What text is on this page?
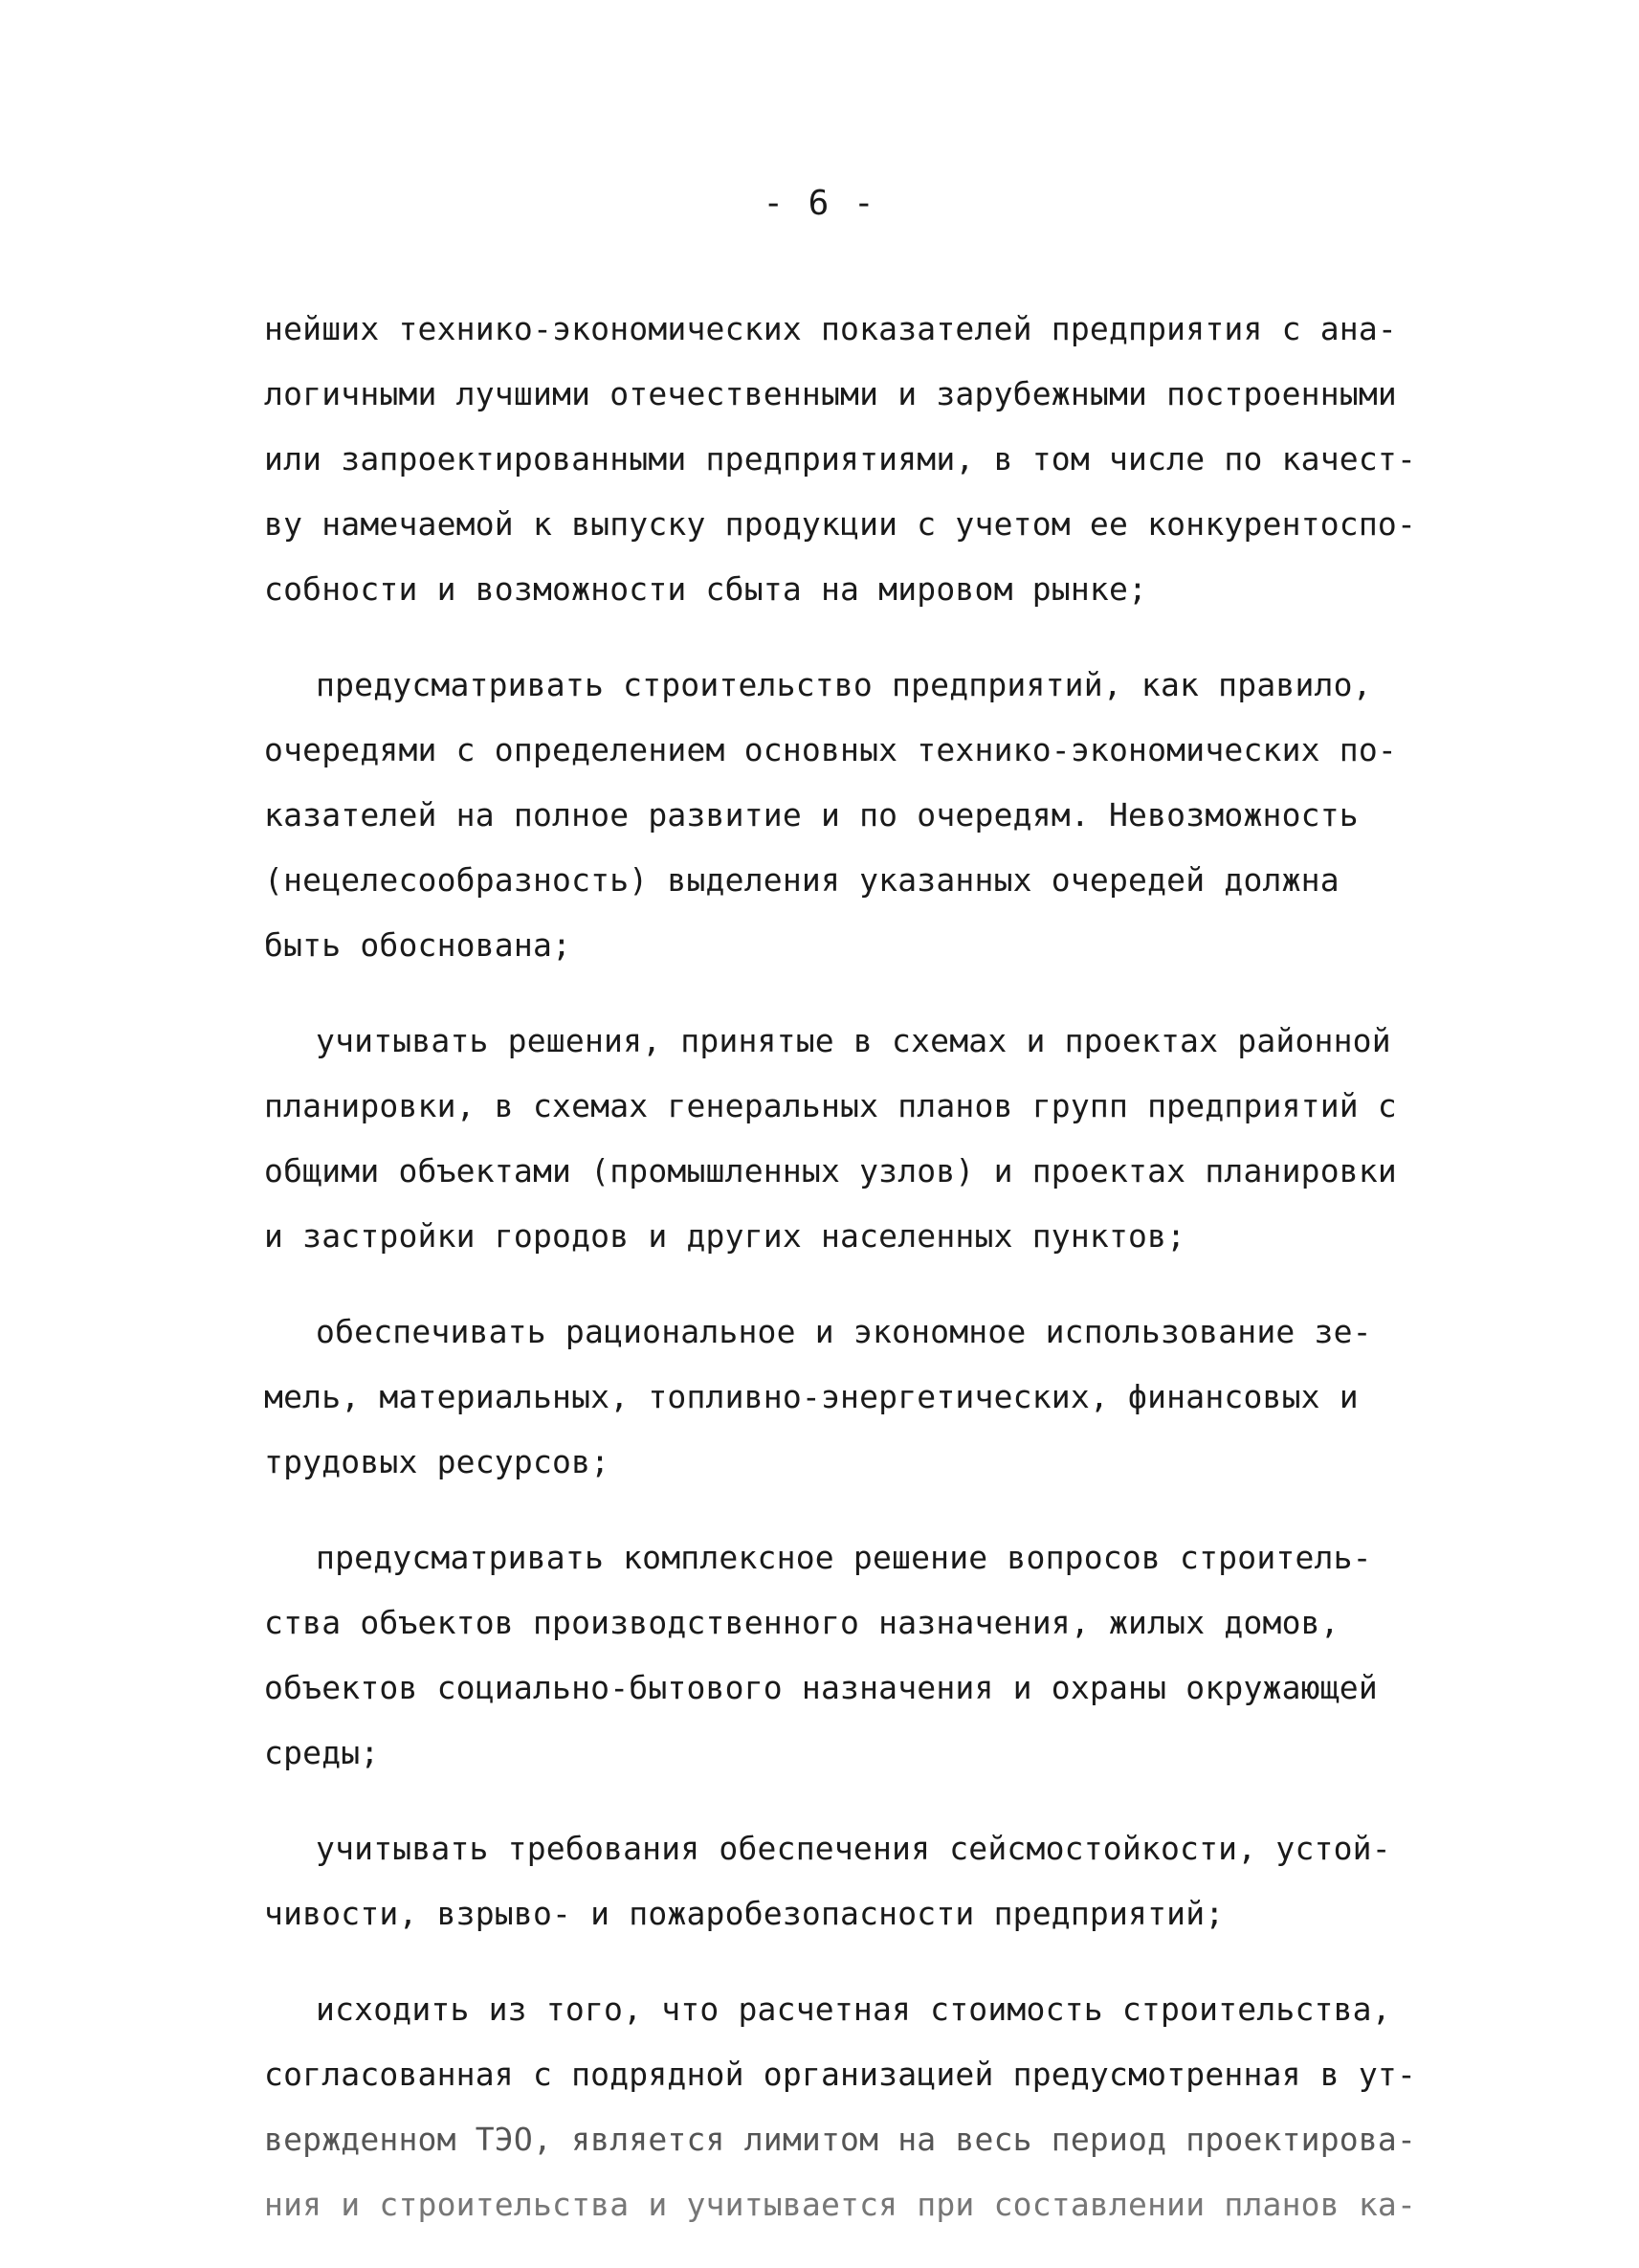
- 6 -

нейших технико-экономических показателей предприятия с ана-
логичными лучшими отечественными и зарубежными построенными
или запроектированными предприятиями, в том числе по качест-
ву намечаемой к выпуску продукции с учетом ее конкурентоспо-
собности и возможности сбыта на мировом рынке;

предусматривать строительство предприятий, как правило,
очередями с определением основных технико-экономических по-
казателей на полное развитие и по очередям. Невозможность
(нецелесообразность) выделения указанных очередей должна
быть обоснована;

учитывать решения, принятые в схемах и проектах районной
планировки, в схемах генеральных планов групп предприятий с
общими объектами (промышленных узлов) и проектах планировки
и застройки городов и других населенных пунктов;

обеспечивать рациональное и экономное использование зе-
мель, материальных, топливно-энергетических, финансовых и
трудовых ресурсов;

предусматривать комплексное решение вопросов строитель-
ства объектов производственного назначения, жилых домов,
объектов социально-бытового назначения и охраны окружающей
среды;

учитывать требования обеспечения сейсмостойкости, устой-
чивости, взрыво- и пожаробезопасности предприятий;

исходить из того, что расчетная стоимость строительства,
согласованная с подрядной организацией предусмотренная в ут-
вержденном ТЭО, является лимитом на весь период проектирова-
ния и строительства и учитывается при составлении планов ка-
